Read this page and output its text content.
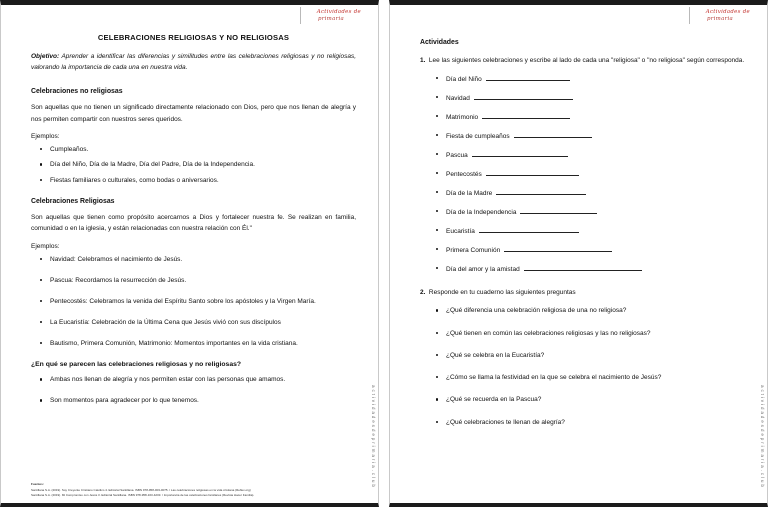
Actividades de
primaria
CELEBRACIONES RELIGIOSAS Y NO RELIGIOSAS

Objetivo: Aprender a identificar las diferencias y similitudes entre las celebraciones religiosas y no religiosas, valorando la importancia de cada una en nuestra vida.

Celebraciones no religiosas

Son aquellas que no tienen un significado directamente relacionado con Dios, pero que nos llenan de alegría y nos permiten compartir con nuestros seres queridos.

Ejemplos:

Cumpleaños.
Día del Niño, Día de la Madre, Día del Padre, Día de la Independencia.
Fiestas familiares o culturales, como bodas o aniversarios.
Celebraciones Religiosas

Son aquellas que tienen como propósito acercarnos a Dios y fortalecer nuestra fe. Se realizan en familia, comunidad o en la iglesia, y están relacionadas con nuestra relación con Él."

Ejemplos:

Navidad: Celebramos el nacimiento de Jesús.
Pascua: Recordamos la resurrección de Jesús.
Pentecostés: Celebramos la venida del Espíritu Santo sobre los apóstoles y la Virgen María.
La Eucaristía: Celebración de la Última Cena que Jesús vivió con sus discípulos
Bautismo, Primera Comunión, Matrimonio: Momentos importantes en la vida cristiana.
¿En qué se parecen las celebraciones religiosas y no religiosas?
Ambas nos llenan de alegría y nos permiten estar con las personas que amamos.
Son momentos para agradecer por lo que tenemos.
Fuentes:
Santillana S.A. (2019). Soy Creyente Cristiano Católico 4. Editorial Santillana. ISBN 978-958-003-0075. / Las celebraciones religiosas en la vida cristiana (Reflex.org)
Santillana S.A. (2019). Mi Compromiso con Jesús 3. Editorial Santillana. ISBN 978-958-163-4203. / Importancia de las celebraciones familiares (Revista Hacer Familia).
actividadesdeprimaria.club
Actividades de
primaria
Actividades
1. Lee las siguientes celebraciones y escribe al lado de cada una "religiosa" o "no religiosa" según corresponda.
Día del Niño
Navidad
Matrimonio
Fiesta de cumpleaños
Pascua
Pentecostés
Día de la Madre
Día de la Independencia
Eucaristía
Primera Comunión
Día del amor y la amistad
2. Responde en tu cuaderno las siguientes preguntas
¿Qué diferencia una celebración religiosa de una no religiosa?
¿Qué tienen en común las celebraciones religiosas y las no religiosas?
¿Qué se celebra en la Eucaristía?
¿Cómo se llama la festividad en la que se celebra el nacimiento de Jesús?
¿Qué se recuerda en la Pascua?
¿Qué celebraciones te llenan de alegría?	actividadesdeprimaria.club
